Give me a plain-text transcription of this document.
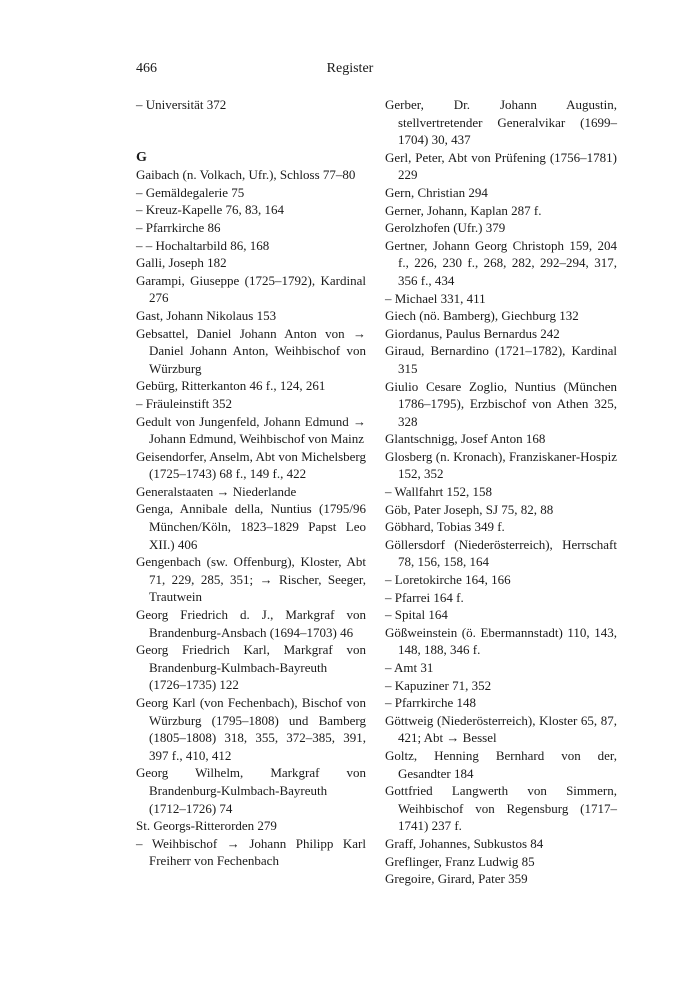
466	Register
– Universität 372
G
Gaibach (n. Volkach, Ufr.), Schloss 77–80
– Gemäldegalerie 75
– Kreuz-Kapelle 76, 83, 164
– Pfarrkirche 86
– – Hochaltarbild 86, 168
Galli, Joseph 182
Garampi, Giuseppe (1725–1792), Kardinal 276
Gast, Johann Nikolaus 153
Gebsattel, Daniel Johann Anton von → Daniel Johann Anton, Weihbischof von Würzburg
Gebürg, Ritterkanton 46 f., 124, 261
– Fräuleinstift 352
Gedult von Jungenfeld, Johann Edmund → Johann Edmund, Weihbischof von Mainz
Geisendorfer, Anselm, Abt von Michelsberg (1725–1743) 68 f., 149 f., 422
Generalstaaten → Niederlande
Genga, Annibale della, Nuntius (1795/96 München/Köln, 1823–1829 Papst Leo XII.) 406
Gengenbach (sw. Offenburg), Kloster, Abt 71, 229, 285, 351; → Rischer, Seeger, Trautwein
Georg Friedrich d. J., Markgraf von Brandenburg-Ansbach (1694–1703) 46
Georg Friedrich Karl, Markgraf von Brandenburg-Kulmbach-Bayreuth (1726–1735) 122
Georg Karl (von Fechenbach), Bischof von Würzburg (1795–1808) und Bamberg (1805–1808) 318, 355, 372–385, 391, 397 f., 410, 412
Georg Wilhelm, Markgraf von Brandenburg-Kulmbach-Bayreuth (1712–1726) 74
St. Georgs-Ritterorden 279
– Weihbischof → Johann Philipp Karl Freiherr von Fechenbach
Gerber, Dr. Johann Augustin, stellvertretender Generalvikar (1699–1704) 30, 437
Gerl, Peter, Abt von Prüfening (1756–1781) 229
Gern, Christian 294
Gerner, Johann, Kaplan 287 f.
Gerolzhofen (Ufr.) 379
Gertner, Johann Georg Christoph 159, 204 f., 226, 230 f., 268, 282, 292–294, 317, 356 f., 434
– Michael 331, 411
Giech (nö. Bamberg), Giechburg 132
Giordanus, Paulus Bernardus 242
Giraud, Bernardino (1721–1782), Kardinal 315
Giulio Cesare Zoglio, Nuntius (München 1786–1795), Erzbischof von Athen 325, 328
Glantschnigg, Josef Anton 168
Glosberg (n. Kronach), Franziskaner-Hospiz 152, 352
– Wallfahrt 152, 158
Göb, Pater Joseph, SJ 75, 82, 88
Göbhard, Tobias 349 f.
Göllersdorf (Niederösterreich), Herrschaft 78, 156, 158, 164
– Loretokirche 164, 166
– Pfarrei 164 f.
– Spital 164
Gößweinstein (ö. Ebermannstadt) 110, 143, 148, 188, 346 f.
– Amt 31
– Kapuziner 71, 352
– Pfarrkirche 148
Göttweig (Niederösterreich), Kloster 65, 87, 421; Abt → Bessel
Goltz, Henning Bernhard von der, Gesandter 184
Gottfried Langwerth von Simmern, Weihbischof von Regensburg (1717–1741) 237 f.
Graff, Johannes, Subkustos 84
Greflinger, Franz Ludwig 85
Gregoire, Girard, Pater 359
